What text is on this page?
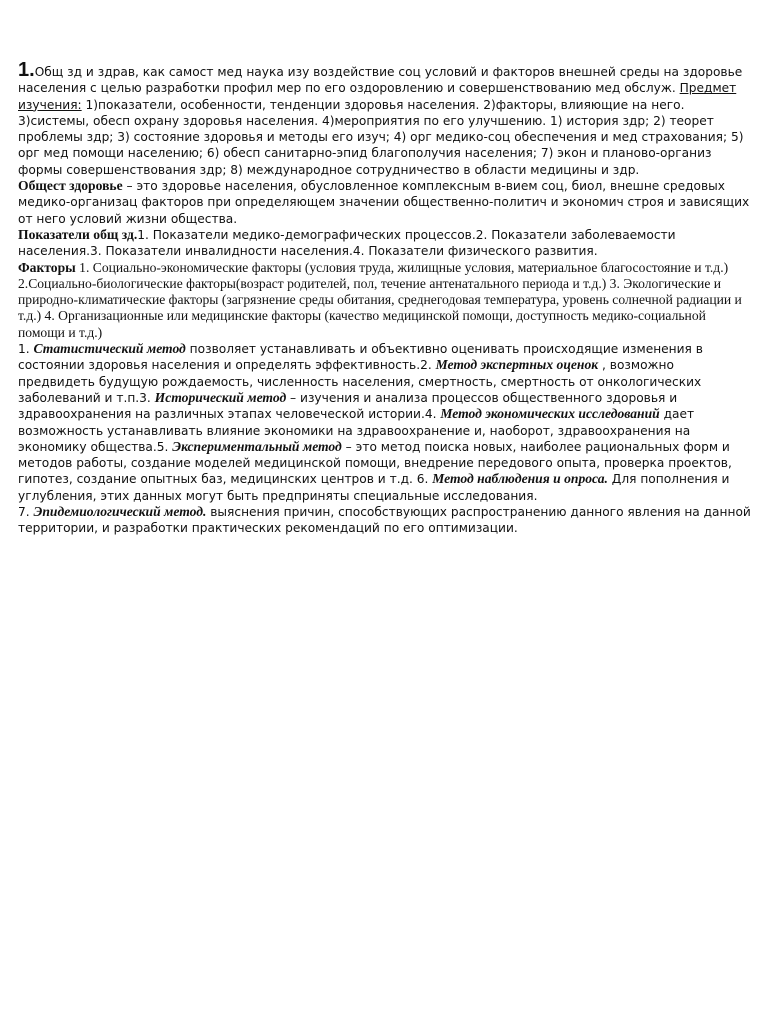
1.Общ зд и здрав, как самост мед наука изу воздействие соц условий и факторов внешней среды на здоровье населения с целью разработки профил мер по его оздоровлению и совершенствованию мед обслуж. Предмет изучения: 1)показатели, особенности, тенденции здоровья населения. 2)факторы, влияющие на него. 3)системы, обесп охрану здоровья населения. 4)мероприятия по его улучшению. 1) история здр; 2) теорет проблемы здр; 3) состояние здоровья и методы его изуч; 4) орг медико-соц обеспечения и мед страхования; 5) орг мед помощи населению; 6) обесп санитарно-эпид благополучия населения; 7) экон и планово-организ формы совершенствования здр; 8) международное сотрудничество в области медицины и здр.

Общест здоровье – это здоровье населения, обусловленное комплексным в-вием соц, биол, внешне средовых медико-организац факторов при определяющем значении общественно-политич и экономич строя и зависящих от него условий жизни общества.

Показатели общ зд.1. Показатели медико-демографических процессов.2. Показатели заболеваемости населения.3. Показатели инвалидности населения.4. Показатели физического развития.

Факторы 1. Социально-экономические факторы (условия труда, жилищные условия, материальное благосостояние и т.д.) 2.Социально-биологические факторы(возраст родителей, пол, течение антенатального периода и т.д.) 3. Экологические и природно-климатические факторы (загрязнение среды обитания, среднегодовая температура, уровень солнечной радиации и т.д.) 4. Организационные или медицинские факторы (качество медицинской помощи, доступность медико-социальной помощи и т.д.)

1. Статистический метод позволяет устанавливать и объективно оценивать происходящие изменения в состоянии здоровья населения и определять эффективность.2. Метод экспертных оценок , возможно предвидеть будущую рождаемость, численность населения, смертность, смертность от онкологических заболеваний и т.п.3. Исторический метод – изучения и анализа процессов общественного здоровья и здравоохранения на различных этапах человеческой истории.4. Метод экономических исследований дает возможность устанавливать влияние экономики на здравоохранение и, наоборот, здравоохранения на экономику общества.5. Экспериментальный метод – это метод поиска новых, наиболее рациональных форм и методов работы, создание моделей медицинской помощи, внедрение передового опыта, проверка проектов, гипотез, создание опытных баз, медицинских центров и т.д. 6. Метод наблюдения и опроса. Для пополнения и углубления, этих данных могут быть предприняты специальные исследования.

7. Эпидемиологический метод. выяснения причин, способствующих распространению данного явления на данной территории, и разработки практических рекомендаций по его оптимизации.
